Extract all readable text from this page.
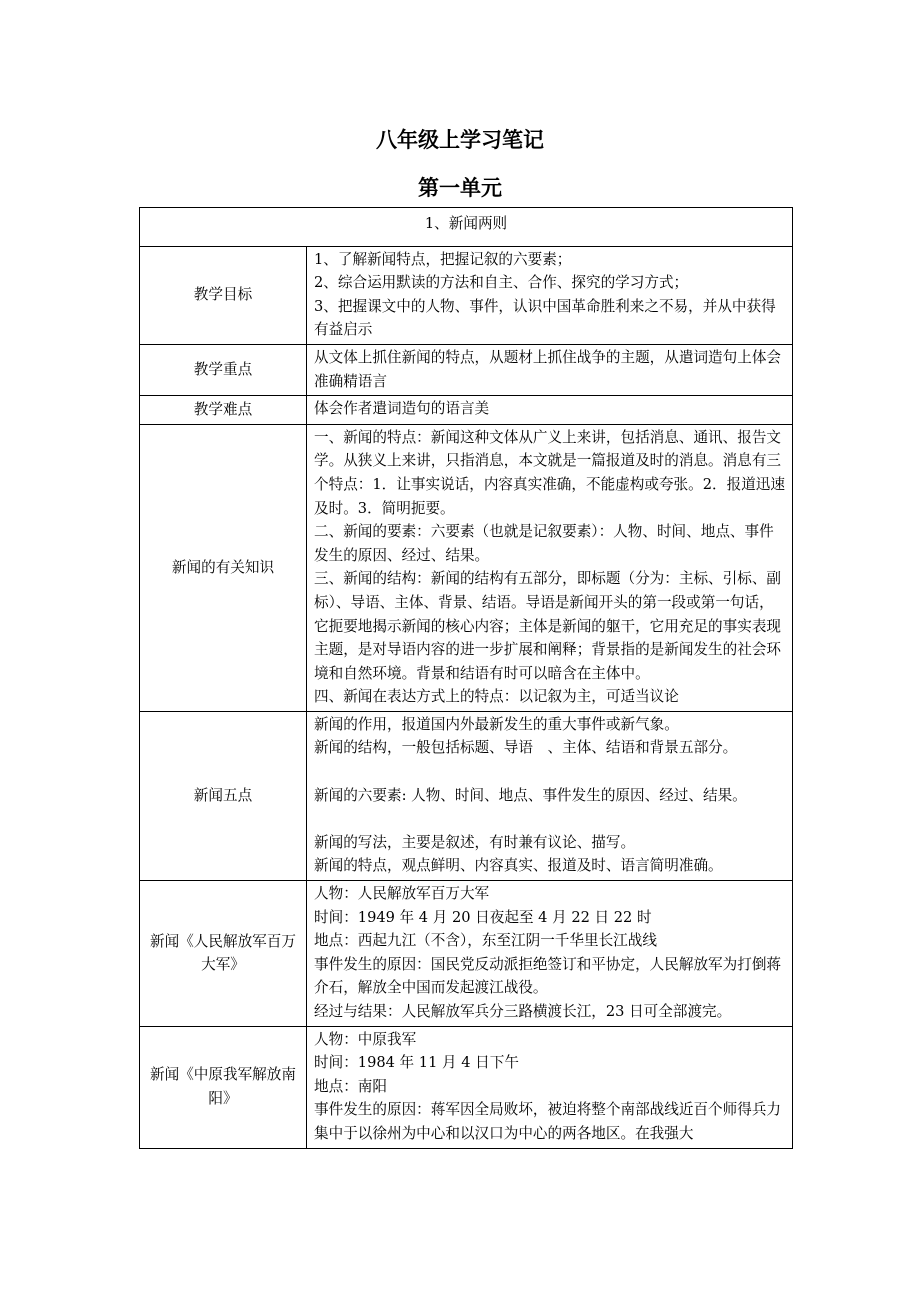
八年级上学习笔记
第一单元
1、新闻两则	
教学目标	1、了解新闻特点，把握记叙的六要素；
2、综合运用默读的方法和自主、合作、探究的学习方式；
3、把握课文中的人物、事件，认识中国革命胜利来之不易，并从中获得有益启示

教学重点	从文体上抓住新闻的特点，从题材上抓住战争的主题，从遣词造句上体会准确精语言

教学难点	体会作者遣词造句的语言美

新闻的有关知识	一、新闻的特点：新闻这种文体从广义上来讲，包括消息、通讯、报告文学。从狭义上来讲，只指消息，本文就是一篇报道及时的消息。消息有三个特点：1．让事实说话，内容真实准确，不能虚构或夸张。2．报道迅速及时。3．简明扼要。
二、新闻的要素：六要素（也就是记叙要素）：人物、时间、地点、事件发生的原因、经过、结果。
三、新闻的结构：新闻的结构有五部分，即标题（分为：主标、引标、副标）、导语、主体、背景、结语。导语是新闻开头的第一段或第一句话，它扼要地揭示新闻的核心内容；主体是新闻的躯干，它用充足的事实表现主题，是对导语内容的进一步扩展和阐释；背景指的是新闻发生的社会环境和自然环境。背景和结语有时可以暗含在主体中。
四、新闻在表达方式上的特点：以记叙为主，可适当议论

新闻五点	新闻的作用，报道国内外最新发生的重大事件或新气象。
新闻的结构，一般包括标题、导语　、主体、结语和背景五部分。
新闻的六要素: 人物、时间、地点、事件发生的原因、经过、结果。
新闻的写法，主要是叙述，有时兼有议论、描写。
新闻的特点，观点鲜明、内容真实、报道及时、语言简明准确。

新闻《人民解放军百万大军》	人物：人民解放军百万大军
时间：1949 年 4 月 20 日夜起至 4 月 22 日 22 时
地点：西起九江（不含），东至江阴一千华里长江战线
事件发生的原因：国民党反动派拒绝签订和平协定，人民解放军为打倒蒋介石，解放全中国而发起渡江战役。
经过与结果：人民解放军兵分三路横渡长江，23 日可全部渡完。

新闻《中原我军解放南阳》	人物：中原我军
时间：1984 年 11 月 4 日下午
地点：南阳
事件发生的原因：蒋军因全局败坏，被迫将整个南部战线近百个师得兵力集中于以徐州为中心和以汉口为中心的两各地区。在我强大
